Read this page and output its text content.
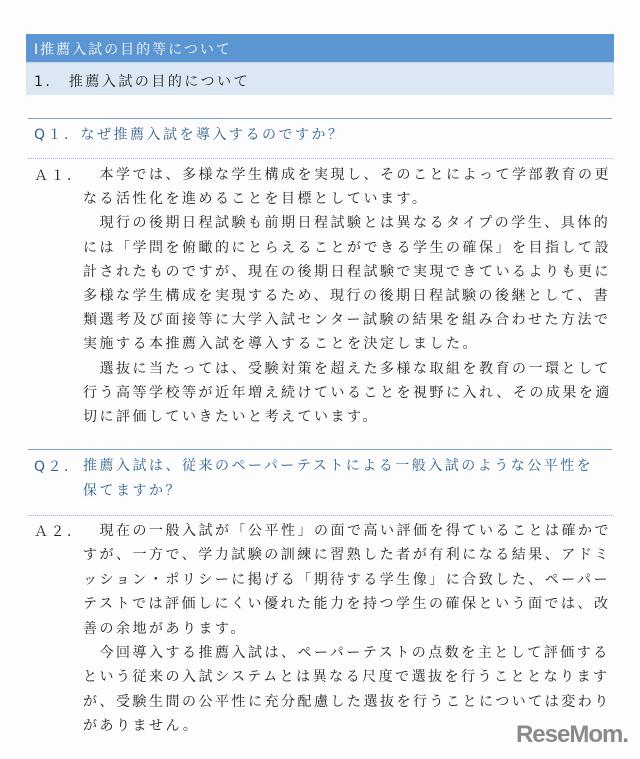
Ⅰ推薦入試の目的等について
1.　推薦入試の目的について
Q１．なぜ推薦入試を導入するのですか？
Ａ１． 　本学では、多様な学生構成を実現し、そのことによって学部教育の更
なる活性化を進めることを目標としています。
　現行の後期日程試験も前期日程試験とは異なるタイプの学生、具体的
には「学問を俯瞰的にとらえることができる学生の確保」を目指して設
計されたものですが、現在の後期日程試験で実現できているよりも更に
多様な学生構成を実現するため、現行の後期日程試験の後継として、書
類選考及び面接等に大学入試センター試験の結果を組み合わせた方法で
実施する本推薦入試を導入することを決定しました。
　選抜に当たっては、受験対策を超えた多様な取組を教育の一環として
行う高等学校等が近年増え続けていることを視野に入れ、その成果を適
切に評価していきたいと考えています。
Q２． 推薦入試は、従来のペーパーテストによる一般入試のような公平性を
保てますか？
Ａ２． 　現在の一般入試が「公平性」の面で高い評価を得ていることは確かで
すが、一方で、学力試験の訓練に習熟した者が有利になる結果、アドミ
ッション・ポリシーに掲げる「期待する学生像」に合致した、ペーパー
テストでは評価しにくい優れた能力を持つ学生の確保という面では、改
善の余地があります。
　今回導入する推薦入試は、ペーパーテストの点数を主として評価する
という従来の入試システムとは異なる尺度で選抜を行うこととなります
が、受験生間の公平性に充分配慮した選抜を行うことについては変わり
がありません。	ReseMom.
